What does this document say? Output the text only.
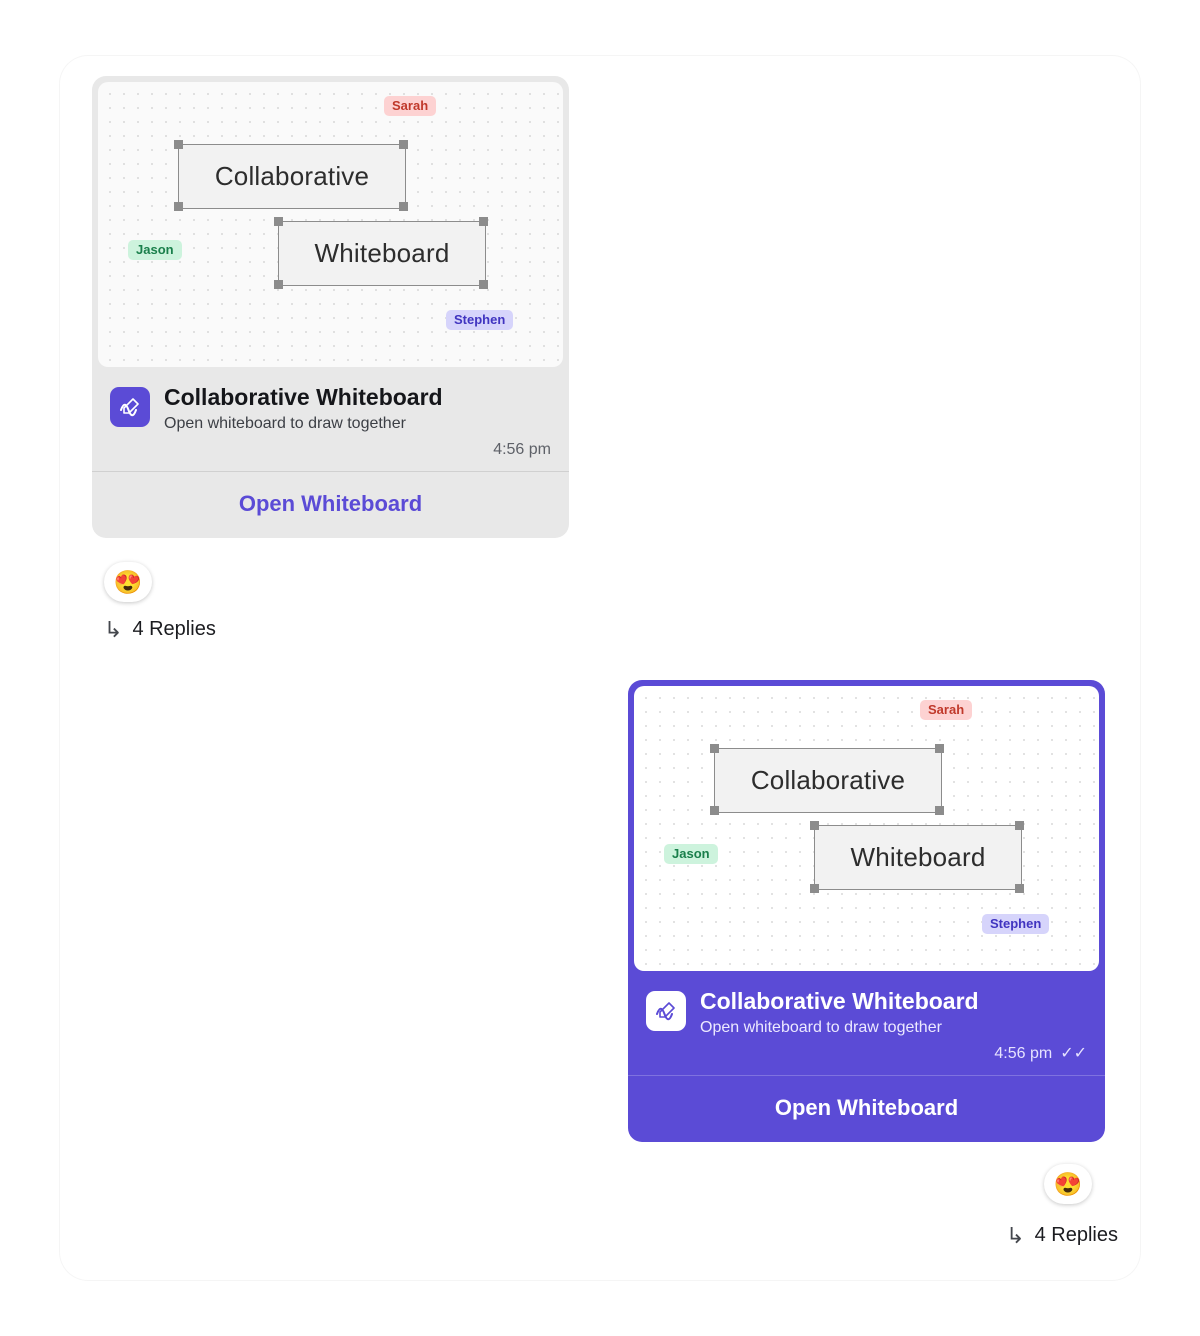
Sarah
Collaborative
Whiteboard
Jason
Stephen
Collaborative Whiteboard
Open whiteboard to draw together
4:56 pm
Open Whiteboard
😍
↳ 4 Replies
Sarah
Collaborative
Whiteboard
Jason
Stephen
Collaborative Whiteboard
Open whiteboard to draw together
4:56 pm ✓✓
Open Whiteboard
😍
↳ 4 Replies
